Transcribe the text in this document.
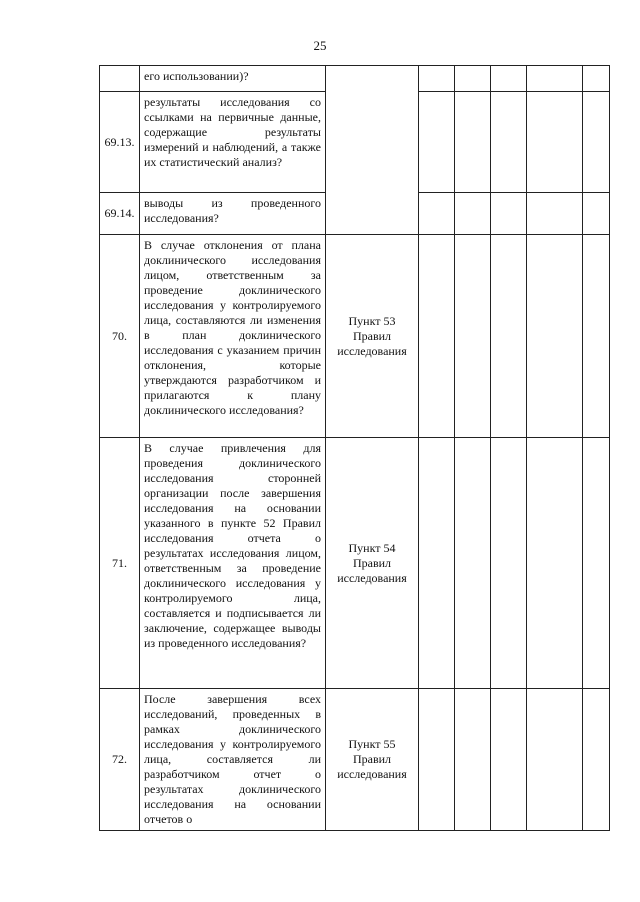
25
	его использовании)?						
69.13.	результаты исследования со ссылками на первичные данные, содержащие результаты измерений и наблюдений, а также их статистический анализ?						
69.14.	выводы из проведенного исследования?						
70.	В случае отклонения от плана доклинического исследования лицом, ответственным за проведение доклинического исследования у контролируемого лица, составляются ли изменения в план доклинического исследования с указанием причин отклонения, которые утверждаются разработчиком и прилагаются к плану доклинического исследования?	Пункт 53 Правил исследования					
71.	В случае привлечения для проведения доклинического исследования сторонней организации после завершения исследования на основании указанного в пункте 52 Правил исследования отчета о результатах исследования лицом, ответственным за проведение доклинического исследования у контролируемого лица, составляется и подписывается ли заключение, содержащее выводы из проведенного исследования?	Пункт 54 Правил исследования					
72.	После завершения всех исследований, проведенных в рамках доклинического исследования у контролируемого лица, составляется ли разработчиком отчет о результатах доклинического исследования на основании отчетов о	Пункт 55 Правил исследования					
